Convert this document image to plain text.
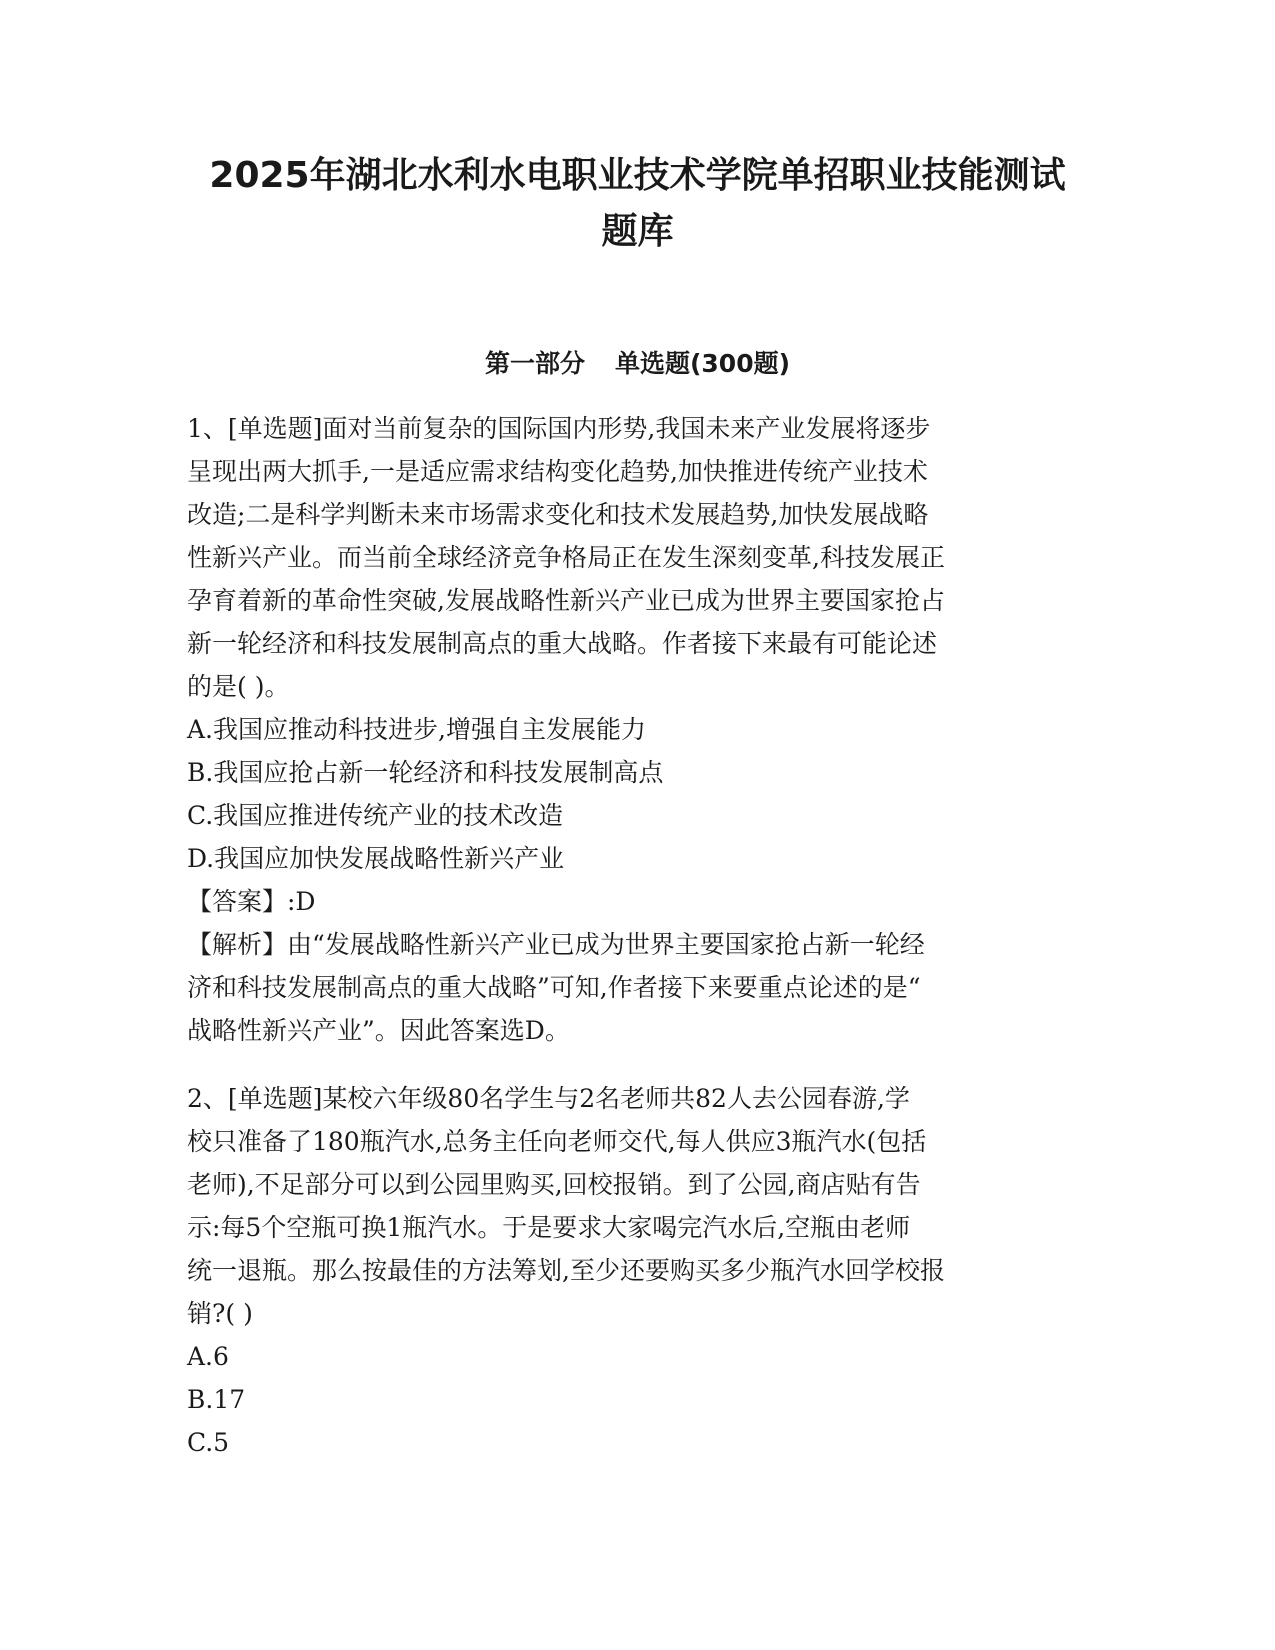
2025年湖北水利水电职业技术学院单招职业技能测试
题库
第一部分 单选题(300题)
1、[单选题]面对当前复杂的国际国内形势,我国未来产业发展将逐步
呈现出两大抓手,一是适应需求结构变化趋势,加快推进传统产业技术
改造;二是科学判断未来市场需求变化和技术发展趋势,加快发展战略
性新兴产业。而当前全球经济竞争格局正在发生深刻变革,科技发展正
孕育着新的革命性突破,发展战略性新兴产业已成为世界主要国家抢占
新一轮经济和科技发展制高点的重大战略。作者接下来最有可能论述
的是( )。
A.我国应推动科技进步,增强自主发展能力
B.我国应抢占新一轮经济和科技发展制高点
C.我国应推进传统产业的技术改造
D.我国应加快发展战略性新兴产业
【答案】:D
【解析】由“发展战略性新兴产业已成为世界主要国家抢占新一轮经
济和科技发展制高点的重大战略”可知,作者接下来要重点论述的是“
战略性新兴产业”。因此答案选D。
2、[单选题]某校六年级80名学生与2名老师共82人去公园春游,学
校只准备了180瓶汽水,总务主任向老师交代,每人供应3瓶汽水(包括
老师),不足部分可以到公园里购买,回校报销。到了公园,商店贴有告
示:每5个空瓶可换1瓶汽水。于是要求大家喝完汽水后,空瓶由老师
统一退瓶。那么按最佳的方法筹划,至少还要购买多少瓶汽水回学校报
销?( )
A.6
B.17
C.5
